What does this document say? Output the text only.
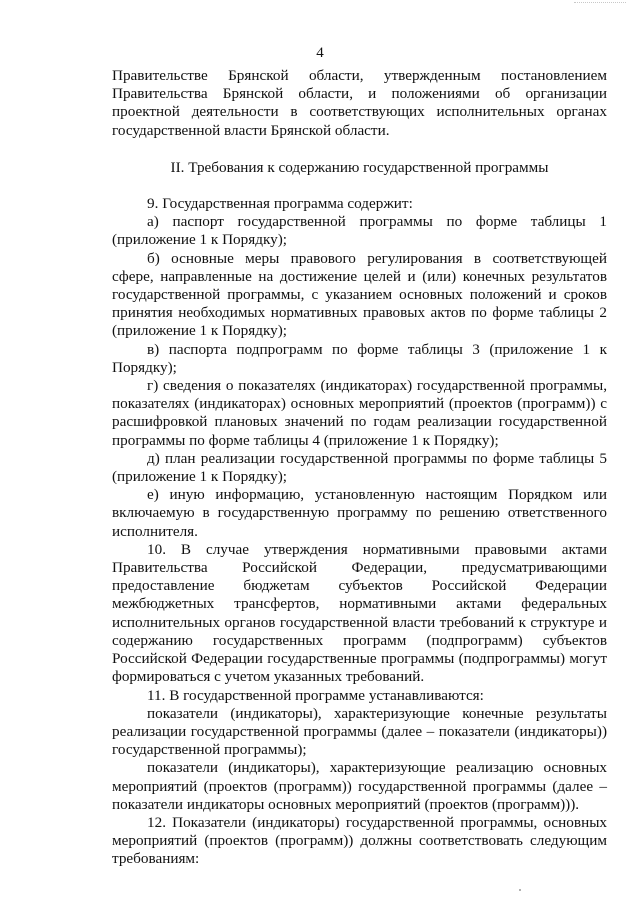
4

Правительстве Брянской области, утвержденным постановлением Правительства Брянской области, и положениями об организации проектной деятельности в соответствующих исполнительных органах государственной власти Брянской области.

II. Требования к содержанию государственной программы

9. Государственная программа содержит:

а) паспорт государственной программы по форме таблицы 1 (приложение 1 к Порядку);

б) основные меры правового регулирования в соответствующей сфере, направленные на достижение целей и (или) конечных результатов государственной программы, с указанием основных положений и сроков принятия необходимых нормативных правовых актов по форме таблицы 2 (приложение 1 к Порядку);

в) паспорта подпрограмм по форме таблицы 3 (приложение 1 к Порядку);

г) сведения о показателях (индикаторах) государственной программы, показателях (индикаторах) основных мероприятий (проектов (программ)) с расшифровкой плановых значений по годам реализации государственной программы по форме таблицы 4 (приложение 1 к Порядку);

д) план реализации государственной программы по форме таблицы 5 (приложение 1 к Порядку);

е) иную информацию, установленную настоящим Порядком или включаемую в государственную программу по решению ответственного исполнителя.

10. В случае утверждения нормативными правовыми актами Правительства Российской Федерации, предусматривающими предоставление бюджетам субъектов Российской Федерации межбюджетных трансфертов, нормативными актами федеральных исполнительных органов государственной власти требований к структуре и содержанию государственных программ (подпрограмм) субъектов Российской Федерации государственные программы (подпрограммы) могут формироваться с учетом указанных требований.

11. В государственной программе устанавливаются:

показатели (индикаторы), характеризующие конечные результаты реализации государственной программы (далее – показатели (индикаторы)) государственной программы);

показатели (индикаторы), характеризующие реализацию основных мероприятий (проектов (программ)) государственной программы (далее – показатели индикаторы основных мероприятий (проектов (программ))).

12. Показатели (индикаторы) государственной программы, основных мероприятий (проектов (программ)) должны соответствовать следующим требованиям:
